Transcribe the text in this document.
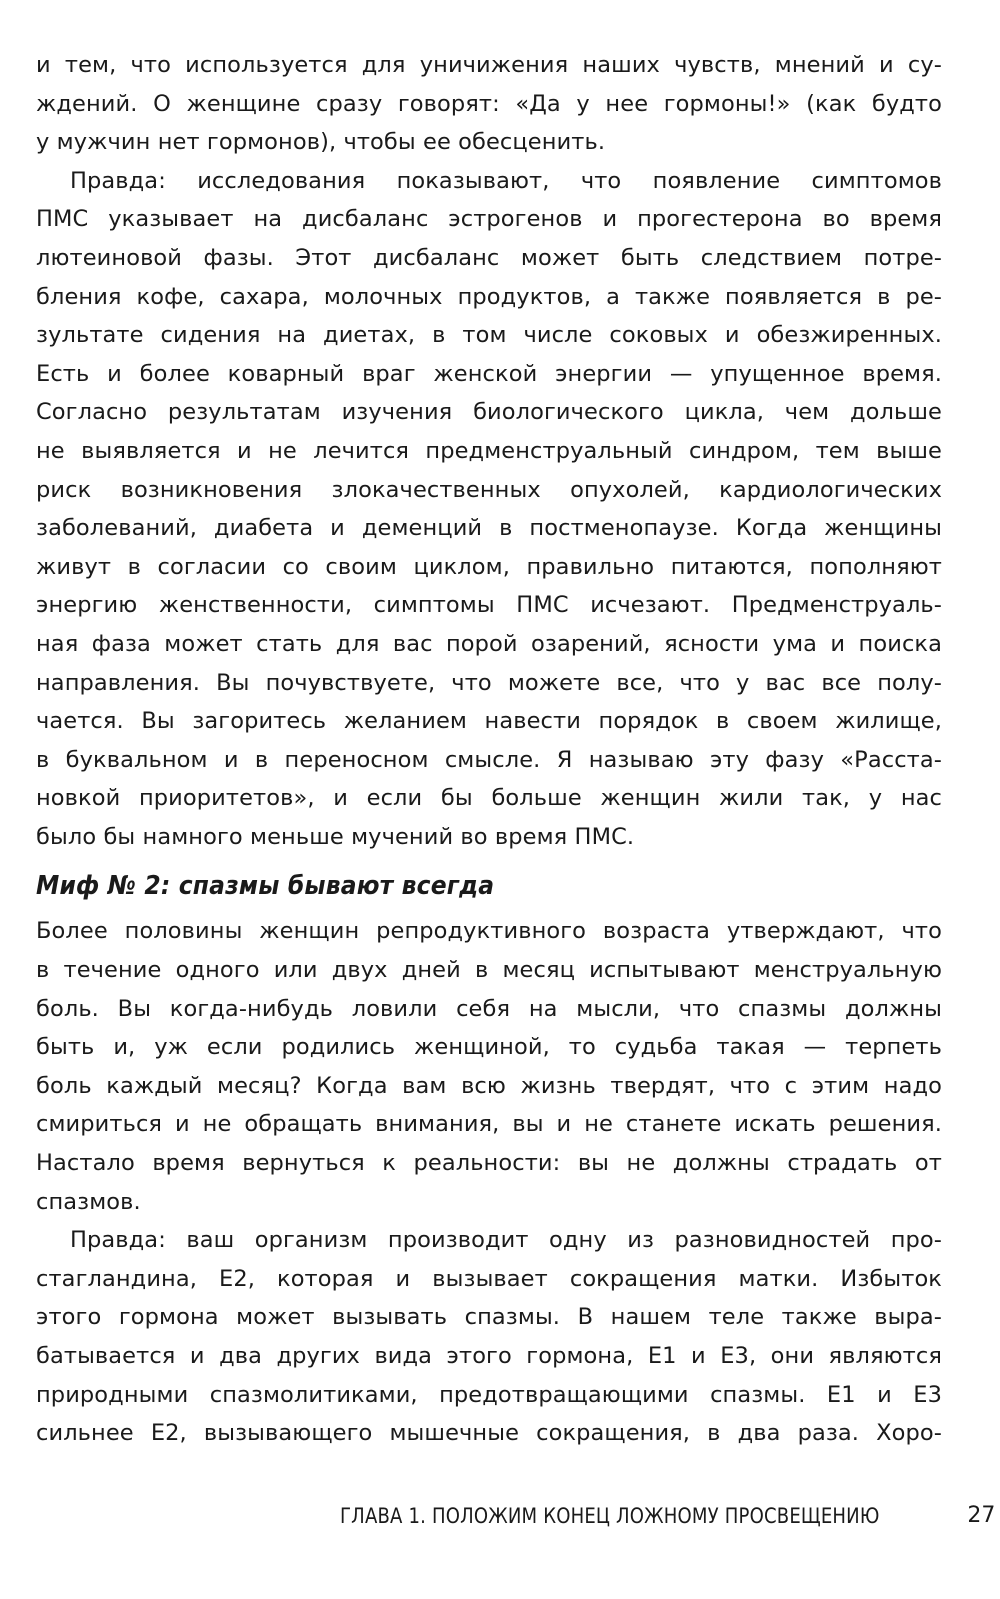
и тем, что используется для уничижения наших чувств, мнений и су-
ждений. О женщине сразу говорят: «Да у нее гормоны!» (как будто
у мужчин нет гормонов), чтобы ее обесценить.
Правда: исследования показывают, что появление симптомов
ПМС указывает на дисбаланс эстрогенов и прогестерона во время
лютеиновой фазы. Этот дисбаланс может быть следствием потре-
бления кофе, сахара, молочных продуктов, а также появляется в ре-
зультате сидения на диетах, в том числе соковых и обезжиренных.
Есть и более коварный враг женской энергии — упущенное время.
Согласно результатам изучения биологического цикла, чем дольше
не выявляется и не лечится предменструальный синдром, тем выше
риск возникновения злокачественных опухолей, кардиологических
заболеваний, диабета и деменций в постменопаузе. Когда женщины
живут в согласии со своим циклом, правильно питаются, пополняют
энергию женственности, симптомы ПМС исчезают. Предменструаль-
ная фаза может стать для вас порой озарений, ясности ума и поиска
направления. Вы почувствуете, что можете все, что у вас все полу-
чается. Вы загоритесь желанием навести порядок в своем жилище,
в буквальном и в переносном смысле. Я называю эту фазу «Расста-
новкой приоритетов», и если бы больше женщин жили так, у нас
было бы намного меньше мучений во время ПМС.
Миф № 2: спазмы бывают всегда
Более половины женщин репродуктивного возраста утверждают, что
в течение одного или двух дней в месяц испытывают менструальную
боль. Вы когда-нибудь ловили себя на мысли, что спазмы должны
быть и, уж если родились женщиной, то судьба такая — терпеть
боль каждый месяц? Когда вам всю жизнь твердят, что с этим надо
смириться и не обращать внимания, вы и не станете искать решения.
Настало время вернуться к реальности: вы не должны страдать от
спазмов.
Правда: ваш организм производит одну из разновидностей про-
стагландина, Е2, которая и вызывает сокращения матки. Избыток
этого гормона может вызывать спазмы. В нашем теле также выра-
батывается и два других вида этого гормона, Е1 и Е3, они являются
природными спазмолитиками, предотвращающими спазмы. Е1 и Е3
сильнее Е2, вызывающего мышечные сокращения, в два раза. Хоро-
ГЛАВА 1. ПОЛОЖИМ КОНЕЦ ЛОЖНОМУ ПРОСВЕЩЕНИЮ	27
